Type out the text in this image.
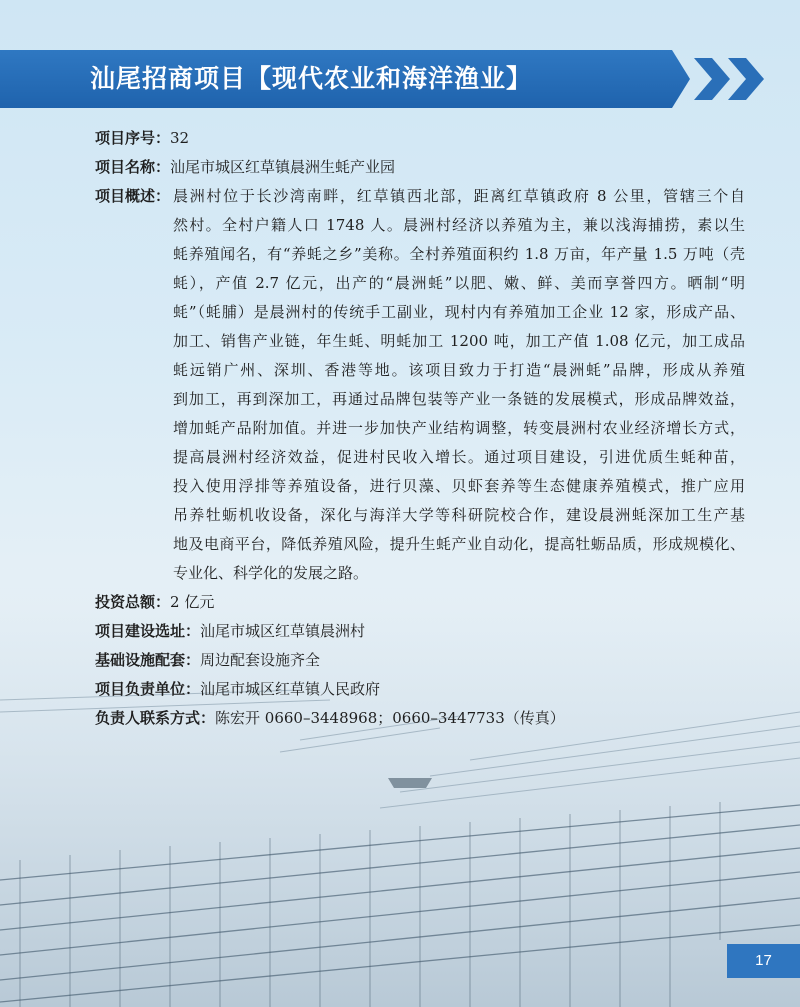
汕尾招商项目【现代农业和海洋渔业】
项目序号： 32
项目名称： 汕尾市城区红草镇晨洲生蚝产业园
项目概述： 晨洲村位于长沙湾南畔，红草镇西北部，距离红草镇政府 8 公里，管辖三个自
然村。全村户籍人口 1748 人。晨洲村经济以养殖为主，兼以浅海捕捞，素以生
蚝养殖闻名，有“养蚝之乡”美称。全村养殖面积约 1.8 万亩，年产量 1.5 万吨（壳
蚝），产值 2.7 亿元，出产的“晨洲蚝”以肥、嫩、鲜、美而享誉四方。晒制“明
蚝”（蚝脯）是晨洲村的传统手工副业，现村内有养殖加工企业 12 家，形成产品、
加工、销售产业链，年生蚝、明蚝加工 1200 吨，加工产值 1.08 亿元，加工成品
蚝远销广州、深圳、香港等地。该项目致力于打造“晨洲蚝”品牌，形成从养殖
到加工，再到深加工，再通过品牌包装等产业一条链的发展模式，形成品牌效益，
增加蚝产品附加值。并进一步加快产业结构调整，转变晨洲村农业经济增长方式，
提高晨洲村经济效益，促进村民收入增长。通过项目建设，引进优质生蚝种苗，
投入使用浮排等养殖设备，进行贝藻、贝虾套养等生态健康养殖模式，推广应用
吊养牡蛎机收设备，深化与海洋大学等科研院校合作，建设晨洲蚝深加工生产基
地及电商平台，降低养殖风险，提升生蚝产业自动化，提高牡蛎品质，形成规模化、
专业化、科学化的发展之路。
投资总额： 2 亿元
项目建设选址： 汕尾市城区红草镇晨洲村
基础设施配套： 周边配套设施齐全
项目负责单位： 汕尾市城区红草镇人民政府
负责人联系方式： 陈宏开 0660–3448968；0660–3447733（传真）
17
